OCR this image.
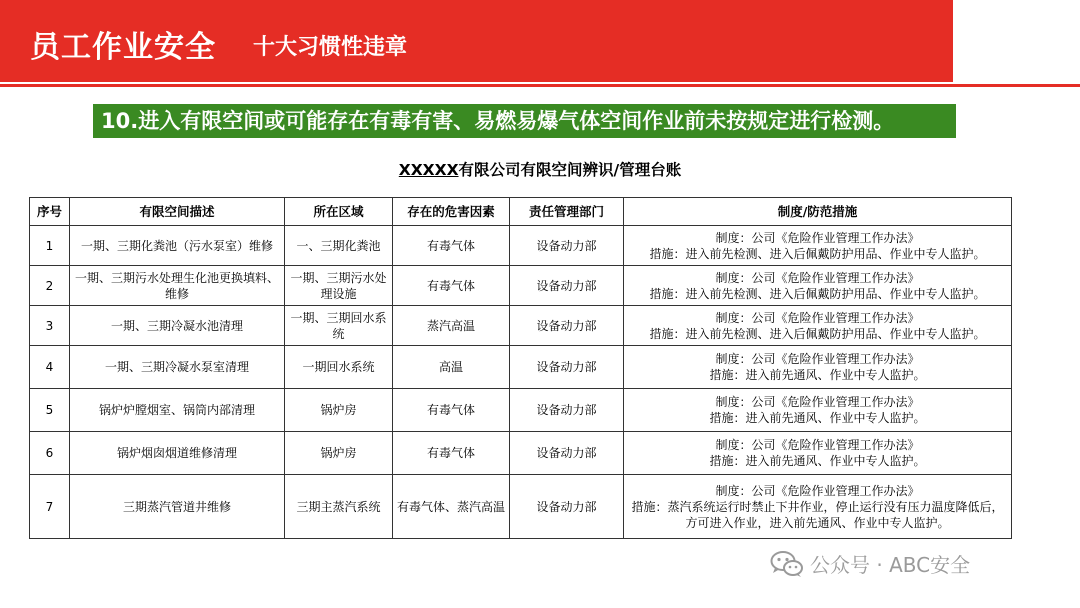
员工作业安全 十大习惯性违章
10.进入有限空间或可能存在有毒有害、易燃易爆气体空间作业前未按规定进行检测。
XXXXX有限公司有限空间辨识/管理台账
序号	有限空间描述	所在区域	存在的危害因素	责任管理部门	制度/防范措施
1	一期、三期化粪池（污水泵室）维修	一、三期化粪池	有毒气体	设备动力部	制度：公司《危险作业管理工作办法》
措施：进入前先检测、进入后佩戴防护用品、作业中专人监护。

2	一期、三期污水处理生化池更换填料、维修	一期、三期污水处理设施	有毒气体	设备动力部	制度：公司《危险作业管理工作办法》
措施：进入前先检测、进入后佩戴防护用品、作业中专人监护。

3	一期、三期冷凝水池清理	一期、三期回水系统	蒸汽高温	设备动力部	制度：公司《危险作业管理工作办法》
措施：进入前先检测、进入后佩戴防护用品、作业中专人监护。

4	一期、三期冷凝水泵室清理	一期回水系统	高温	设备动力部	制度：公司《危险作业管理工作办法》
措施：进入前先通风、作业中专人监护。

5	锅炉炉膛烟室、锅筒内部清理	锅炉房	有毒气体	设备动力部	制度：公司《危险作业管理工作办法》
措施：进入前先通风、作业中专人监护。

6	锅炉烟囱烟道维修清理	锅炉房	有毒气体	设备动力部	制度：公司《危险作业管理工作办法》
措施：进入前先通风、作业中专人监护。

7	三期蒸汽管道井维修	三期主蒸汽系统	有毒气体、蒸汽高温	设备动力部	制度：公司《危险作业管理工作办法》
措施：蒸汽系统运行时禁止下井作业，停止运行没有压力温度降低后，方可进入作业，进入前先通风、作业中专人监护。
公众号 · ABC安全
